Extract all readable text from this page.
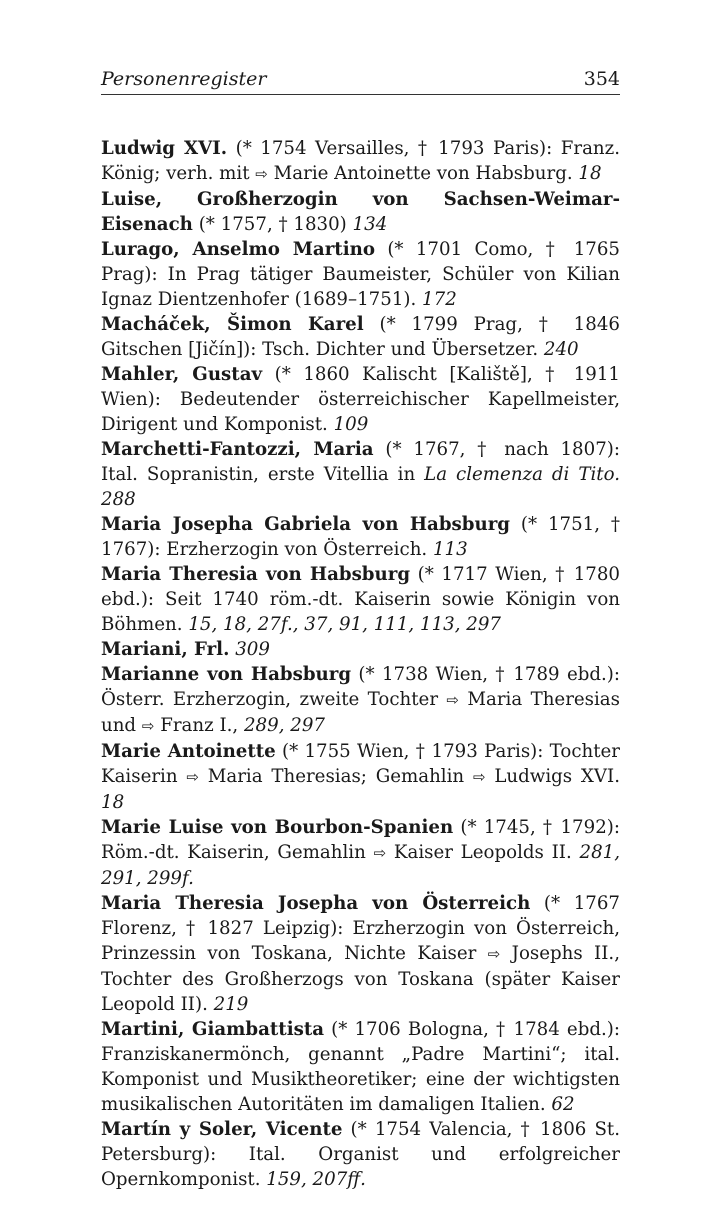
Personenregister	354

Ludwig XVI. (* 1754 Versailles, † 1793 Paris): Franz. König; verh. mit ⇨ Marie Antoinette von Habsburg. 18

Luise, Großherzogin von Sachsen-Weimar-Eisenach (* 1757, † 1830) 134

Lurago, Anselmo Martino (* 1701 Como, † 1765 Prag): In Prag tätiger Baumeister, Schüler von Kilian Ignaz Dientzenhofer (1689–1751). 172

Macháček, Šimon Karel (* 1799 Prag, † 1846 Gitschen [Jičín]): Tsch. Dichter und Übersetzer. 240

Mahler, Gustav (* 1860 Kalischt [Kaliště], † 1911 Wien): Bedeutender österreichischer Kapellmeister, Dirigent und Komponist. 109

Marchetti-Fantozzi, Maria (* 1767, † nach 1807): Ital. Sopranistin, erste Vitellia in La clemenza di Tito. 288

Maria Josepha Gabriela von Habsburg (* 1751, † 1767): Erzherzogin von Österreich. 113

Maria Theresia von Habsburg (* 1717 Wien, † 1780 ebd.): Seit 1740 röm.-dt. Kaiserin sowie Königin von Böhmen. 15, 18, 27f., 37, 91, 111, 113, 297

Mariani, Frl. 309

Marianne von Habsburg (* 1738 Wien, † 1789 ebd.): Österr. Erzherzogin, zweite Tochter ⇨ Maria Theresias und ⇨ Franz I., 289, 297

Marie Antoinette (* 1755 Wien, † 1793 Paris): Tochter Kaiserin ⇨ Maria Theresias; Gemahlin ⇨ Ludwigs XVI. 18

Marie Luise von Bourbon-Spanien (* 1745, † 1792): Röm.-dt. Kaiserin, Gemahlin ⇨ Kaiser Leopolds II. 281, 291, 299f.

Maria Theresia Josepha von Österreich (* 1767 Florenz, † 1827 Leipzig): Erzherzogin von Österreich, Prinzessin von Toskana, Nichte Kaiser ⇨ Josephs II., Tochter des Großherzogs von Toskana (später Kaiser Leopold II). 219

Martini, Giambattista (* 1706 Bologna, † 1784 ebd.): Franziskanermönch, genannt „Padre Martini“; ital. Komponist und Musiktheoretiker; eine der wichtigsten musikalischen Autoritäten im damaligen Italien. 62

Martín y Soler, Vicente (* 1754 Valencia, † 1806 St. Petersburg): Ital. Organist und erfolgreicher Opernkomponist. 159, 207ff.
